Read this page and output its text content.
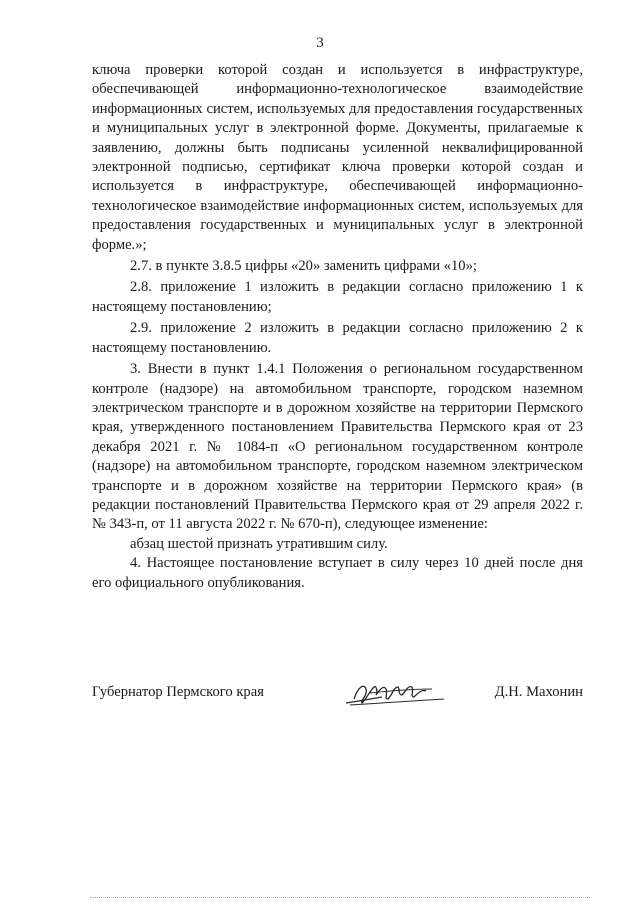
3

ключа проверки которой создан и используется в инфраструктуре, обеспечивающей информационно-технологическое взаимодействие информационных систем, используемых для предоставления государственных и муниципальных услуг в электронной форме. Документы, прилагаемые к заявлению, должны быть подписаны усиленной неквалифицированной электронной подписью, сертификат ключа проверки которой создан и используется в инфраструктуре, обеспечивающей информационно-технологическое взаимодействие информационных систем, используемых для предоставления государственных и муниципальных услуг в электронной форме.»;

2.7. в пункте 3.8.5 цифры «20» заменить цифрами «10»;

2.8. приложение 1 изложить в редакции согласно приложению 1 к настоящему постановлению;

2.9. приложение 2 изложить в редакции согласно приложению 2 к настоящему постановлению.

3. Внести в пункт 1.4.1 Положения о региональном государственном контроле (надзоре) на автомобильном транспорте, городском наземном электрическом транспорте и в дорожном хозяйстве на территории Пермского края, утвержденного постановлением Правительства Пермского края от 23 декабря 2021 г. № 1084-п «О региональном государственном контроле (надзоре) на автомобильном транспорте, городском наземном электрическом транспорте и в дорожном хозяйстве на территории Пермского края» (в редакции постановлений Правительства Пермского края от 29 апреля 2022 г. № 343-п, от 11 августа 2022 г. № 670-п), следующее изменение:

абзац шестой признать утратившим силу.

4. Настоящее постановление вступает в силу через 10 дней после дня его официального опубликования.

Губернатор Пермского края	Д.Н. Махонин
